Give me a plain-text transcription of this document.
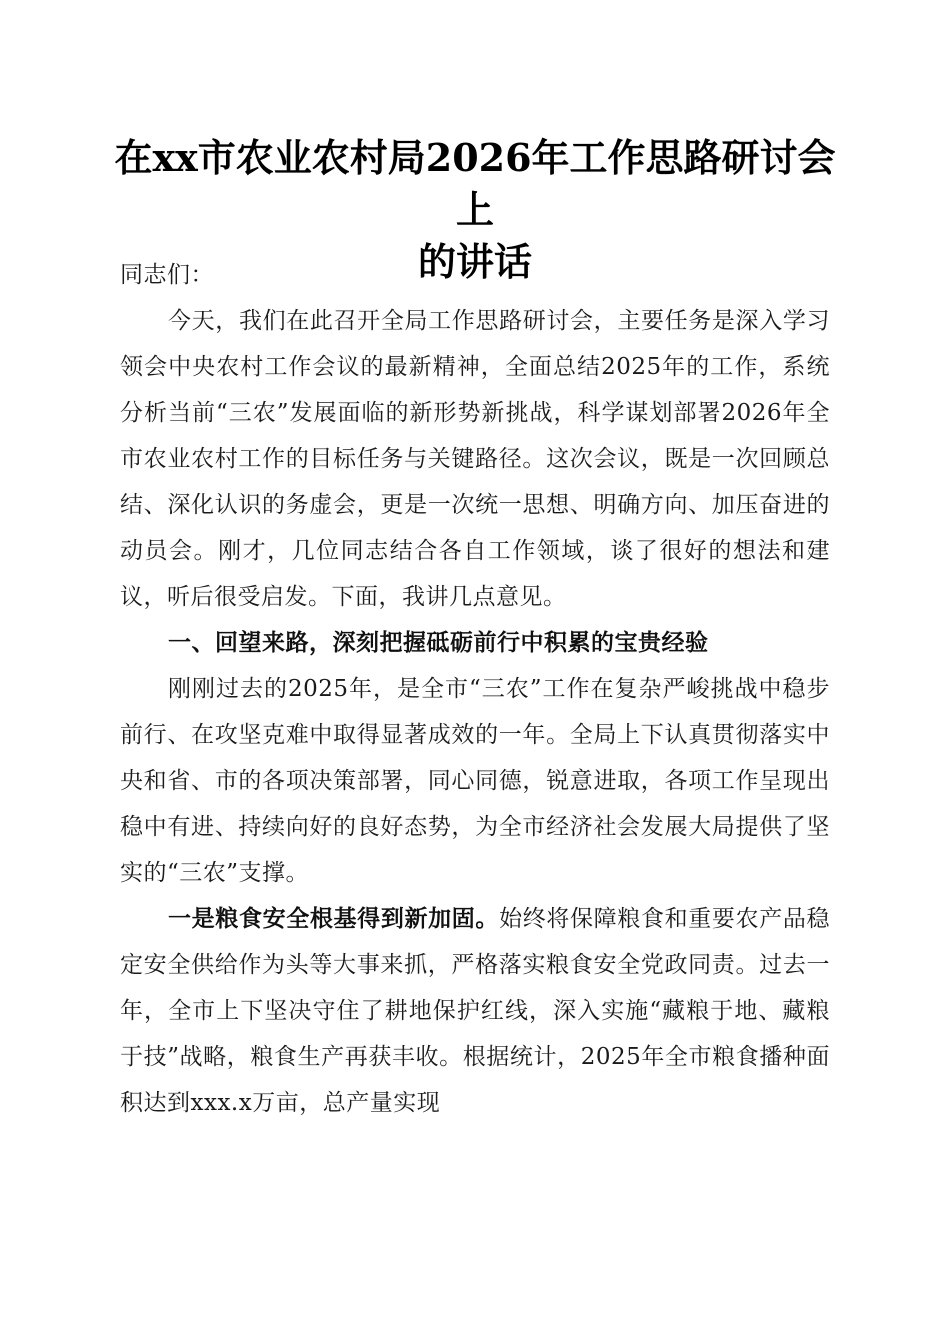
在xx市农业农村局2026年工作思路研讨会上
的讲话

同志们：

今天，我们在此召开全局工作思路研讨会，主要任务是深入学习领会中央农村工作会议的最新精神，全面总结2025年的工作，系统分析当前“三农”发展面临的新形势新挑战，科学谋划部署2026年全市农业农村工作的目标任务与关键路径。这次会议，既是一次回顾总结、深化认识的务虚会，更是一次统一思想、明确方向、加压奋进的动员会。刚才，几位同志结合各自工作领域，谈了很好的想法和建议，听后很受启发。下面，我讲几点意见。

一、回望来路，深刻把握砥砺前行中积累的宝贵经验

刚刚过去的2025年，是全市“三农”工作在复杂严峻挑战中稳步前行、在攻坚克难中取得显著成效的一年。全局上下认真贯彻落实中央和省、市的各项决策部署，同心同德，锐意进取，各项工作呈现出稳中有进、持续向好的良好态势，为全市经济社会发展大局提供了坚实的“三农”支撑。

一是粮食安全根基得到新加固。始终将保障粮食和重要农产品稳定安全供给作为头等大事来抓，严格落实粮食安全党政同责。过去一年，全市上下坚决守住了耕地保护红线，深入实施“藏粮于地、藏粮于技”战略，粮食生产再获丰收。根据统计，2025年全市粮食播种面积达到xxx.x万亩，总产量实现
